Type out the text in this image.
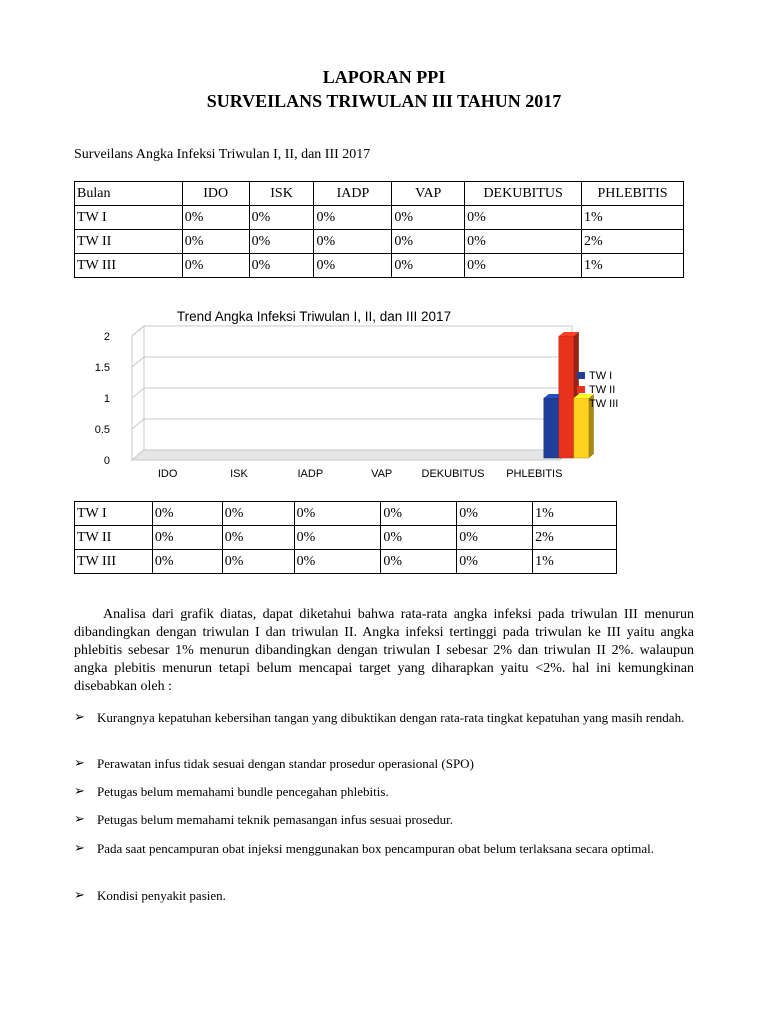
LAPORAN PPI
SURVEILANS TRIWULAN III TAHUN 2017
Surveilans Angka Infeksi Triwulan I, II, dan III 2017
Bulan	IDO	ISK	IADP	VAP	DEKUBITUS	PHLEBITIS
TW I	0%	0%	0%	0%	0%	1%
TW II	0%	0%	0%	0%	0%	2%
TW III	0%	0%	0%	0%	0%	1%
Trend Angka Infeksi Triwulan I, II, dan III 2017
0
0.5
1
1.5
2
IDO	ISK	IADP	VAP	DEKUBITUS PHLEBITIS
TW I
TW II
TW III
TW I	0%	0%	0%	0%	0%	1%
TW II	0%	0%	0%	0%	0%	2%
TW III	0%	0%	0%	0%	0%	1%

Analisa dari grafik diatas, dapat diketahui bahwa rata-rata angka infeksi pada triwulan III menurun dibandingkan dengan triwulan I dan triwulan II. Angka infeksi tertinggi pada triwulan ke III yaitu angka phlebitis sebesar 1% menurun dibandingkan dengan triwulan I sebesar 2% dan triwulan II 2%. walaupun angka plebitis menurun tetapi belum mencapai target yang diharapkan yaitu <2%. hal ini kemungkinan disebabkan oleh :

➢ Kurangnya kepatuhan kebersihan tangan yang dibuktikan dengan rata-rata tingkat kepatuhan yang masih rendah.
➢ Perawatan infus tidak sesuai dengan standar prosedur operasional (SPO)
➢ Petugas belum memahami bundle pencegahan phlebitis.
➢ Petugas belum memahami teknik pemasangan infus sesuai prosedur.
➢ Pada saat pencampuran obat injeksi menggunakan box pencampuran obat belum terlaksana secara optimal.
➢ Kondisi penyakit pasien.
